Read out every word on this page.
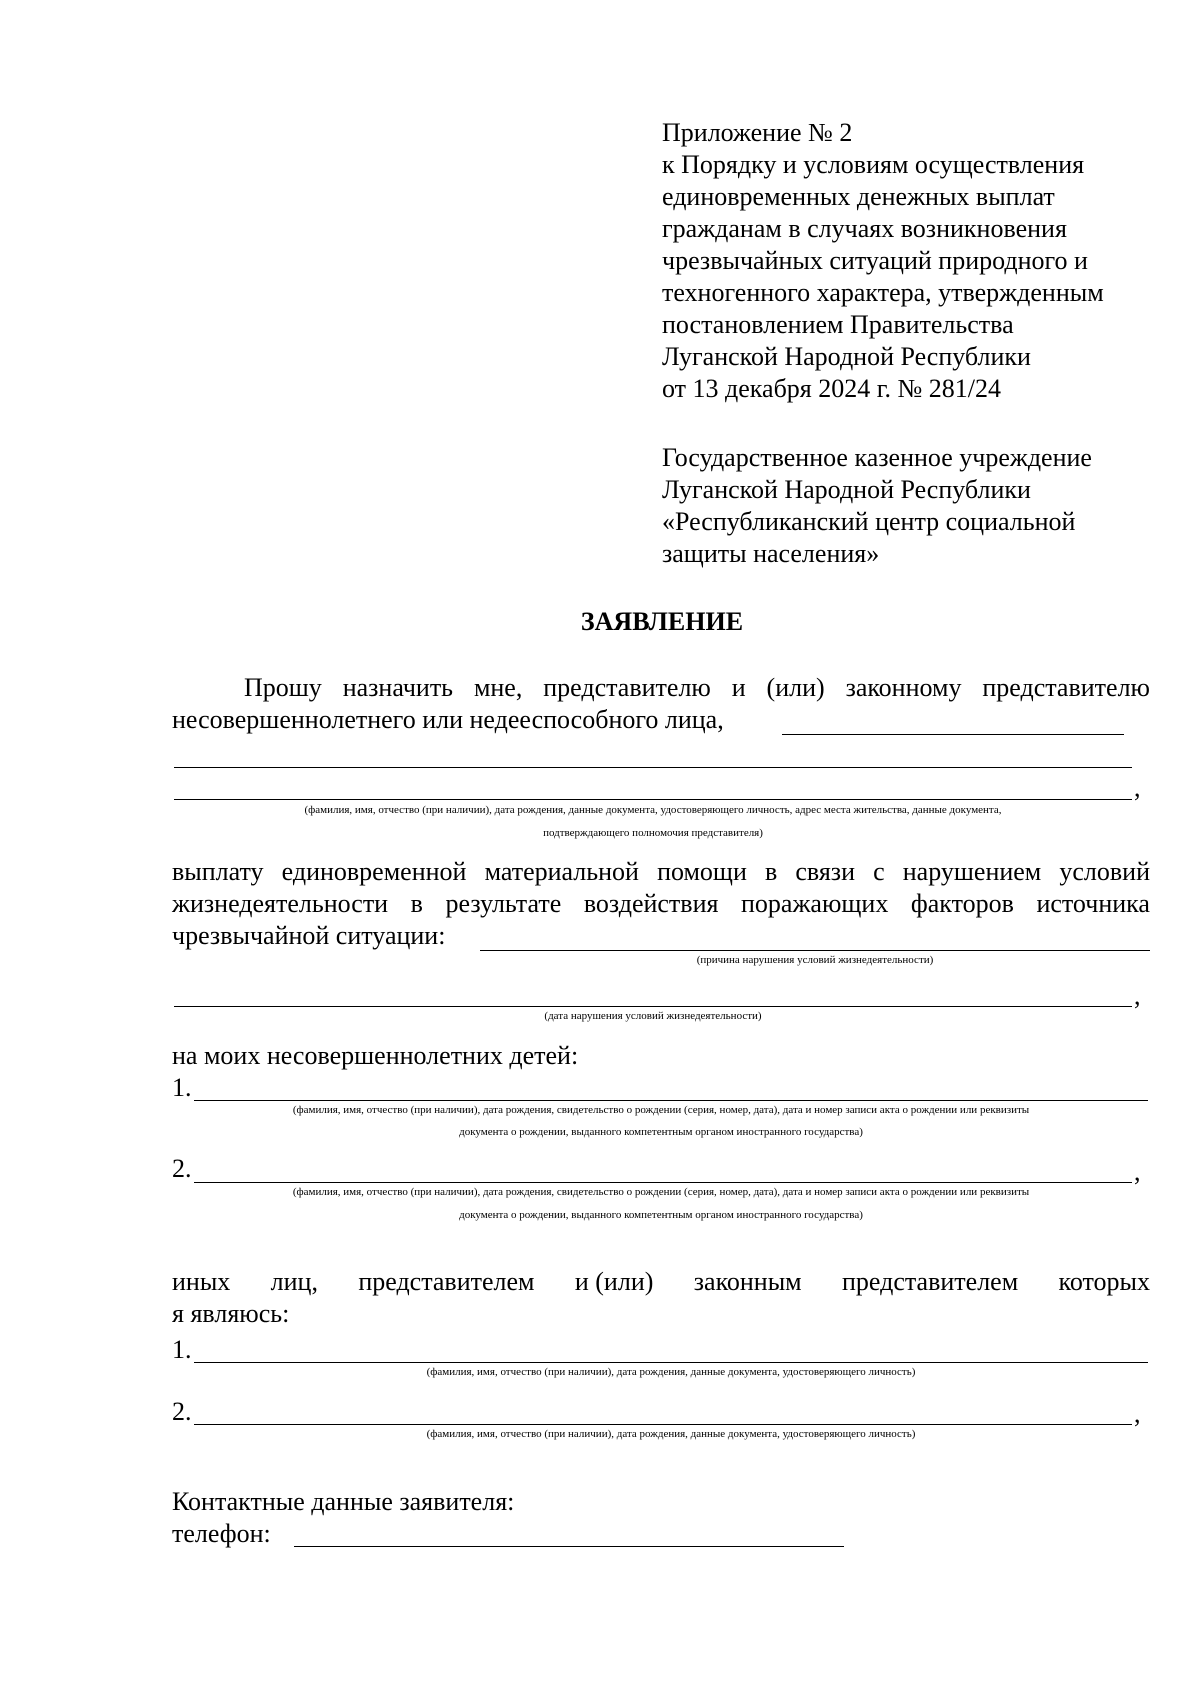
Приложение № 2
к Порядку и условиям осуществления
единовременных денежных выплат
гражданам в случаях возникновения
чрезвычайных ситуаций природного и
техногенного характера, утвержденным
постановлением Правительства
Луганской Народной Республики
от 13 декабря 2024 г. № 281/24
Государственное казенное учреждение
Луганской Народной Республики
«Республиканский центр социальной
защиты населения»
ЗАЯВЛЕНИЕ
Прошу назначить мне, представителю и (или) законному представителю
несовершеннолетнего или недееспособного лица,
,
(фамилия, имя, отчество (при наличии), дата рождения, данные документа, удостоверяющего личность, адрес места жительства, данные документа,
подтверждающего полномочия представителя)
выплату единовременной материальной помощи в связи с нарушением условий
жизнедеятельности в результате воздействия поражающих факторов источника
чрезвычайной ситуации:
(причина нарушения условий жизнедеятельности)
,
(дата нарушения условий жизнедеятельности)
на моих несовершеннолетних детей:
1.
(фамилия, имя, отчество (при наличии), дата рождения, свидетельство о рождении (серия, номер, дата), дата и номер записи акта о рождении или реквизиты
документа о рождении, выданного компетентным органом иностранного государства)
2.	,
(фамилия, имя, отчество (при наличии), дата рождения, свидетельство о рождении (серия, номер, дата), дата и номер записи акта о рождении или реквизиты
документа о рождении, выданного компетентным органом иностранного государства)
иных лиц, представителем и (или) законным представителем которых
я являюсь:
1.
(фамилия, имя, отчество (при наличии), дата рождения, данные документа, удостоверяющего личность)
2.	,
(фамилия, имя, отчество (при наличии), дата рождения, данные документа, удостоверяющего личность)
Контактные данные заявителя:
телефон:
